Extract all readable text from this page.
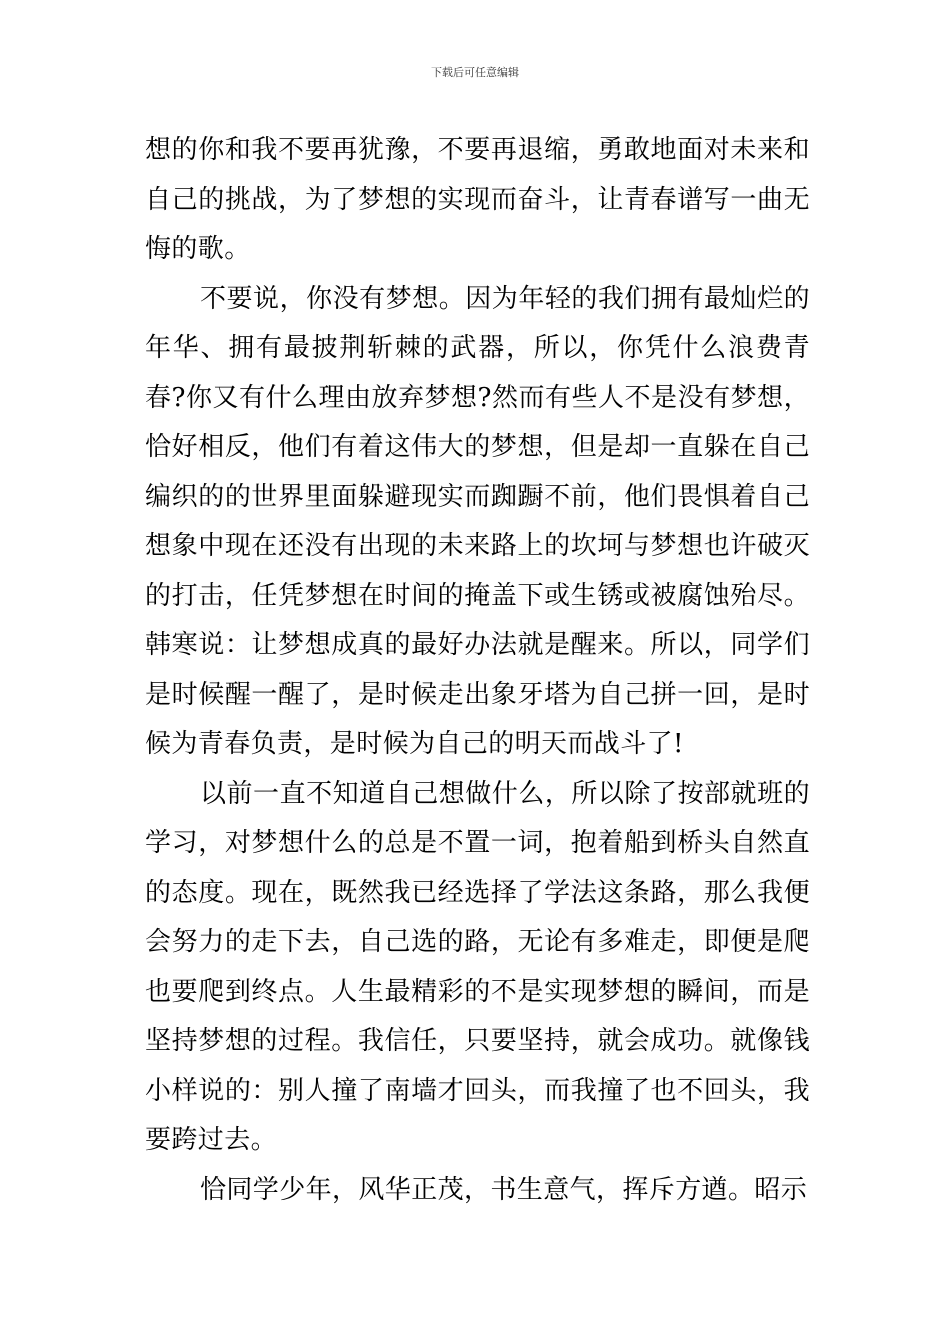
下载后可任意编辑

想的你和我不要再犹豫，不要再退缩，勇敢地面对未来和自己的挑战，为了梦想的实现而奋斗，让青春谱写一曲无悔的歌。

不要说，你没有梦想。因为年轻的我们拥有最灿烂的年华、拥有最披荆斩棘的武器，所以，你凭什么浪费青春?你又有什么理由放弃梦想?然而有些人不是没有梦想，恰好相反，他们有着这伟大的梦想，但是却一直躲在自己编织的的世界里面躲避现实而踟蹰不前，他们畏惧着自己想象中现在还没有出现的未来路上的坎坷与梦想也许破灭的打击，任凭梦想在时间的掩盖下或生锈或被腐蚀殆尽。韩寒说：让梦想成真的最好办法就是醒来。所以，同学们是时候醒一醒了，是时候走出象牙塔为自己拼一回，是时候为青春负责，是时候为自己的明天而战斗了!

以前一直不知道自己想做什么，所以除了按部就班的学习，对梦想什么的总是不置一词，抱着船到桥头自然直的态度。现在，既然我已经选择了学法这条路，那么我便会努力的走下去，自己选的路，无论有多难走，即便是爬也要爬到终点。人生最精彩的不是实现梦想的瞬间，而是坚持梦想的过程。我信任，只要坚持，就会成功。就像钱小样说的：别人撞了南墙才回头，而我撞了也不回头，我要跨过去。

恰同学少年，风华正茂，书生意气，挥斥方遒。昭示
